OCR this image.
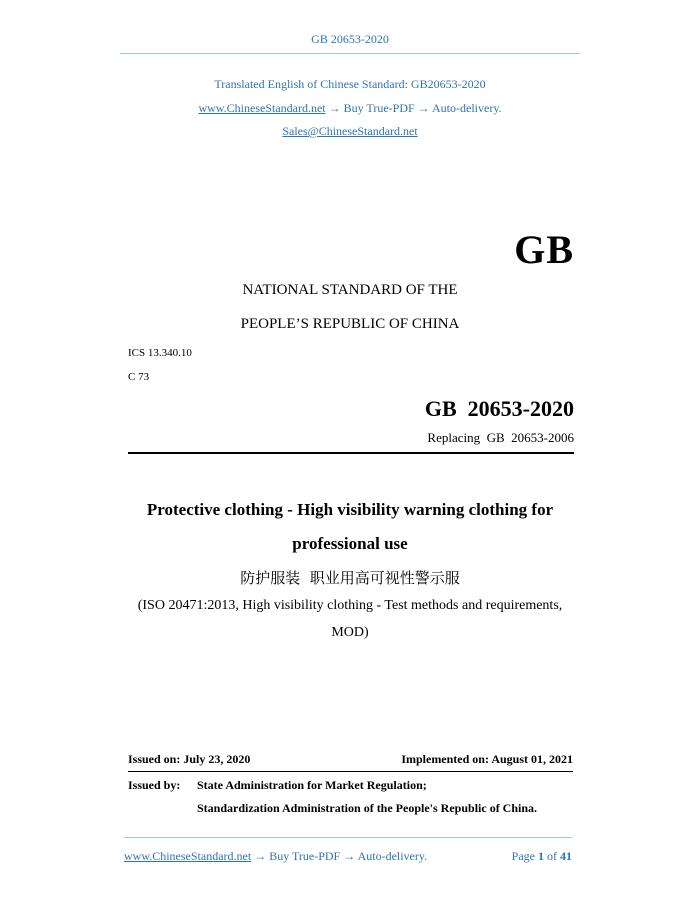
GB 20653-2020
Translated English of Chinese Standard: GB20653-2020
www.ChineseStandard.net → Buy True-PDF → Auto-delivery.
Sales@ChineseStandard.net
GB
NATIONAL STANDARD OF THE
PEOPLE’S REPUBLIC OF CHINA
ICS 13.340.10
C 73
GB  20653-2020
Replacing  GB  20653-2006
Protective clothing - High visibility warning clothing for
professional use
防护服装  职业用高可视性警示服
(ISO 20471:2013, High visibility clothing - Test methods and requirements,
MOD)
Issued on: July 23, 2020	Implemented on: August 01, 2021
Issued by: State Administration for Market Regulation;
Standardization Administration of the People's Republic of China.
www.ChineseStandard.net → Buy True-PDF → Auto-delivery.	Page 1 of 41
